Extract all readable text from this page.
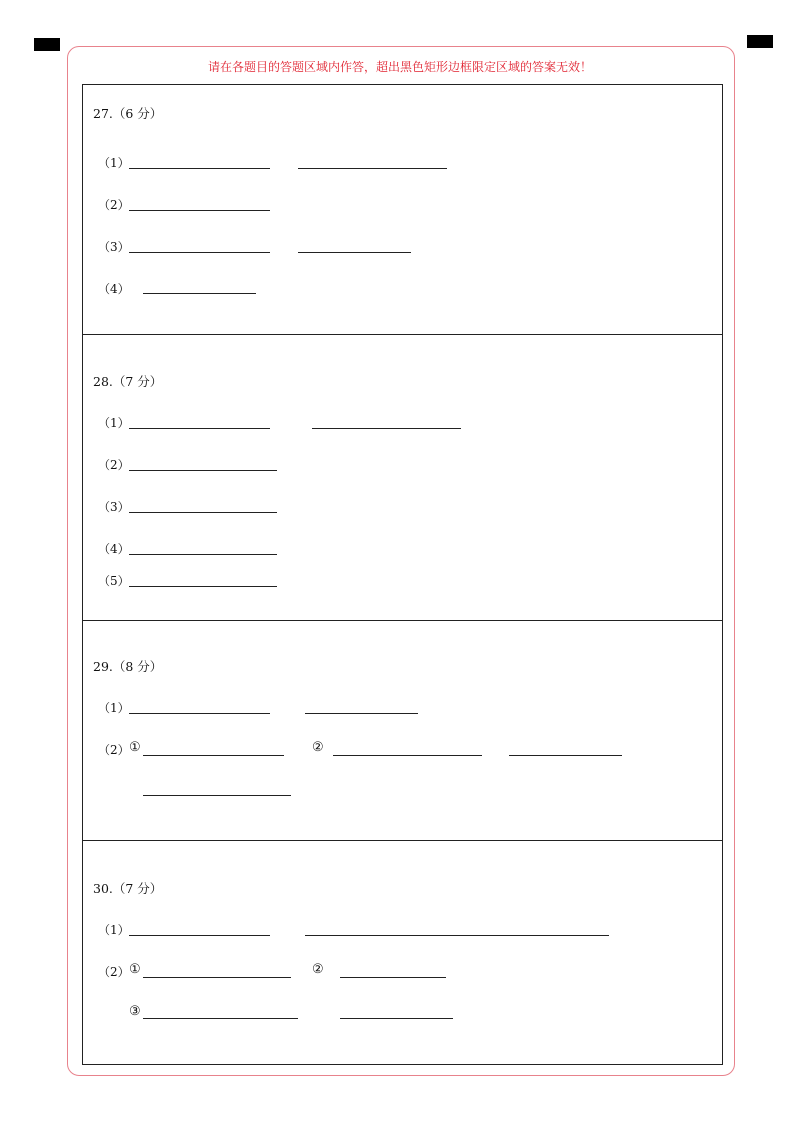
请在各题目的答题区域内作答，超出黑色矩形边框限定区域的答案无效！
27.（6 分）
（1）
（2）
（3）
（4）
28.（7 分）
（1）
（2）
（3）
（4）
（5）
29.（8 分）
（1）
（2） ①	②
30.（7 分）
（1）
（2） ①	②
③
